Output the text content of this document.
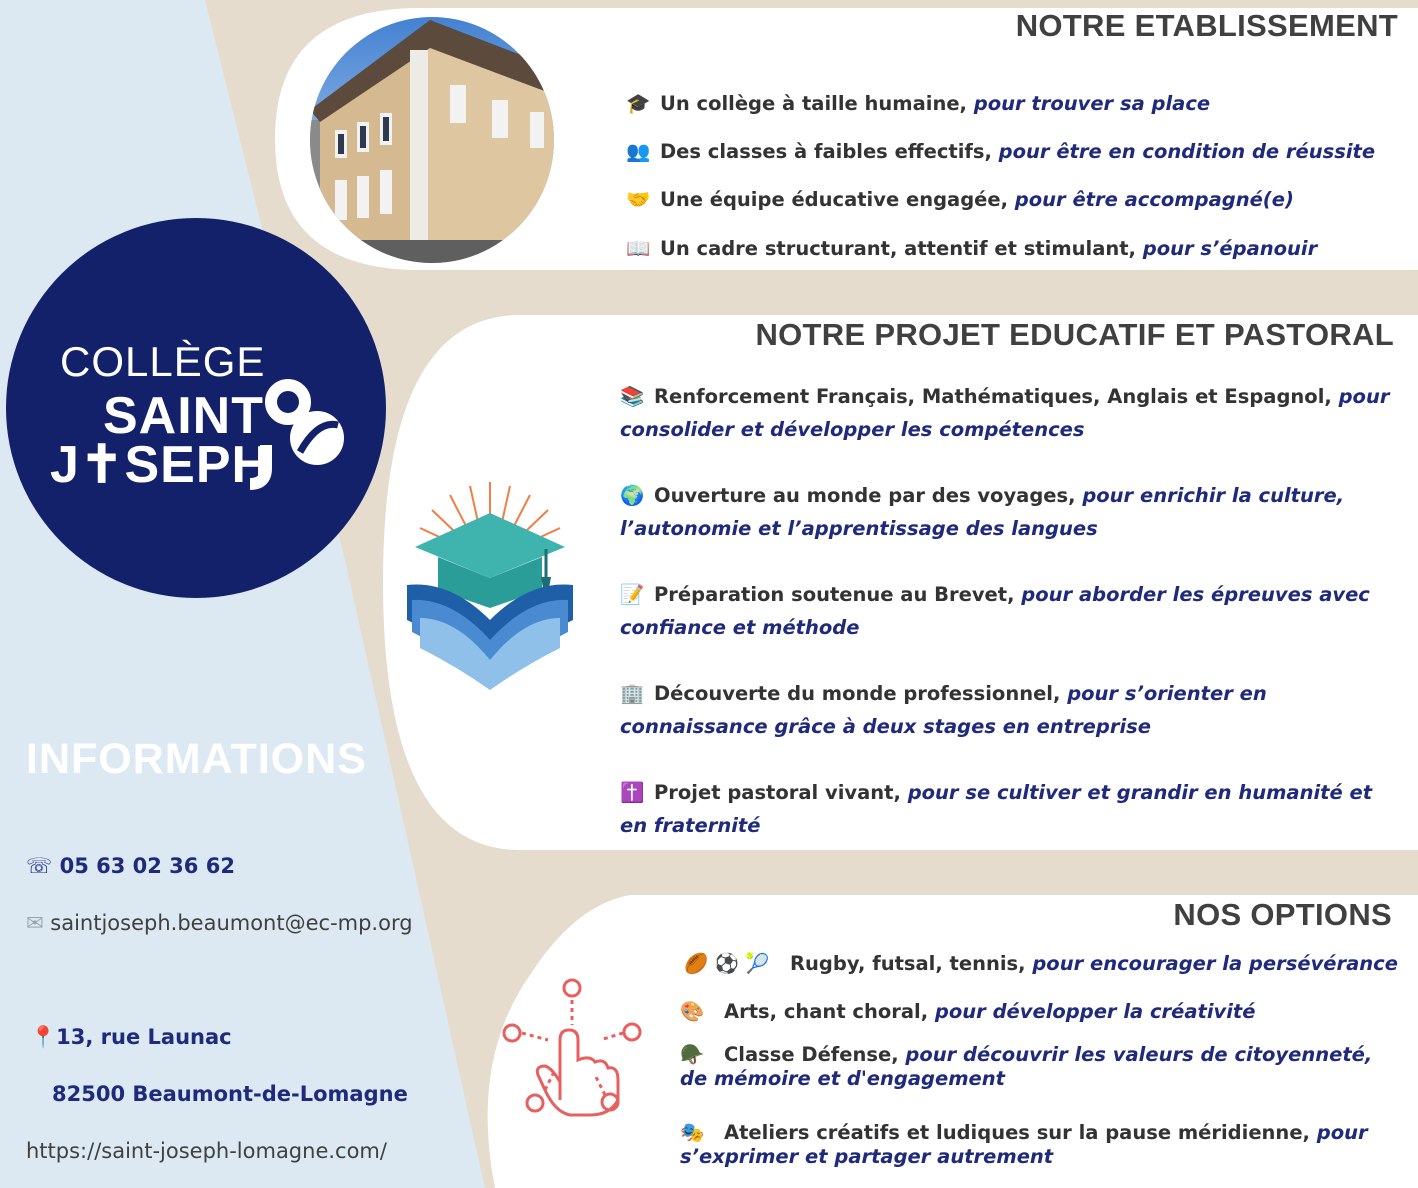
COLLÈGE
SAINT
J✝SEPH
NOTRE ETABLISSEMENT
🎓 Un collège à taille humaine, pour trouver sa place
👥 Des classes à faibles effectifs, pour être en condition de réussite
🤝 Une équipe éducative engagée, pour être accompagné(e)
📖 Un cadre structurant, attentif et stimulant, pour s’épanouir
NOTRE PROJET EDUCATIF ET PASTORAL
📚 Renforcement Français, Mathématiques, Anglais et Espagnol, pour consolider et développer les compétences
🌍 Ouverture au monde par des voyages, pour enrichir la culture, l’autonomie et l’apprentissage des langues
📝 Préparation soutenue au Brevet, pour aborder les épreuves avec confiance et méthode
🏢 Découverte du monde professionnel, pour s’orienter en connaissance grâce à deux stages en entreprise
✝️ Projet pastoral vivant, pour se cultiver et grandir en humanité et en fraternité
NOS OPTIONS
🏉 ⚽ 🎾 Rugby, futsal, tennis, pour encourager la persévérance
🎨 Arts, chant choral, pour développer la créativité
🪖 Classe Défense, pour découvrir les valeurs de citoyenneté, de mémoire et d'engagement
🎭 Ateliers créatifs et ludiques sur la pause méridienne, pour s’exprimer et partager autrement
INFORMATIONS
☏ 05 63 02 36 62
✉ saintjoseph.beaumont@ec-mp.org
📍13, rue Launac
82500 Beaumont-de-Lomagne
https://saint-joseph-lomagne.com/
